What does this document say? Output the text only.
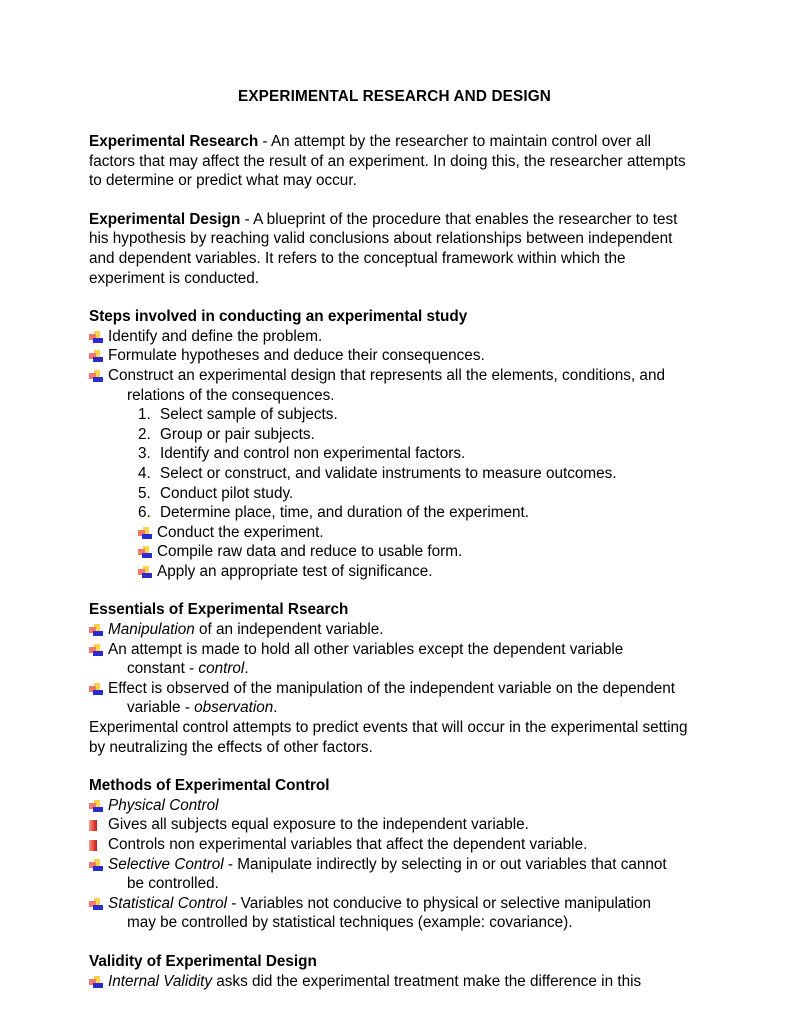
EXPERIMENTAL RESEARCH AND DESIGN

Experimental Research - An attempt by the researcher to maintain control over all factors that may affect the result of an experiment. In doing this, the researcher attempts to determine or predict what may occur.

Experimental Design - A blueprint of the procedure that enables the researcher to test his hypothesis by reaching valid conclusions about relationships between independent and dependent variables. It refers to the conceptual framework within which the experiment is conducted.

Steps involved in conducting an experimental study
Identify and define the problem.
Formulate hypotheses and deduce their consequences.
Construct an experimental design that represents all the elements, conditions, and
relations of the consequences.
1. Select sample of subjects.
2. Group or pair subjects.
3. Identify and control non experimental factors.
4. Select or construct, and validate instruments to measure outcomes.
5. Conduct pilot study.
6. Determine place, time, and duration of the experiment.
Conduct the experiment.
Compile raw data and reduce to usable form.
Apply an appropriate test of significance.
Essentials of Experimental Rsearch
Manipulation of an independent variable.
An attempt is made to hold all other variables except the dependent variable
constant - control.
Effect is observed of the manipulation of the independent variable on the dependent
variable - observation.

Experimental control attempts to predict events that will occur in the experimental setting by neutralizing the effects of other factors.

Methods of Experimental Control
Physical Control
Gives all subjects equal exposure to the independent variable.
Controls non experimental variables that affect the dependent variable.
Selective Control - Manipulate indirectly by selecting in or out variables that cannot
be controlled.
Statistical Control - Variables not conducive to physical or selective manipulation
may be controlled by statistical techniques (example: covariance).
Validity of Experimental Design
Internal Validity asks did the experimental treatment make the difference in this
